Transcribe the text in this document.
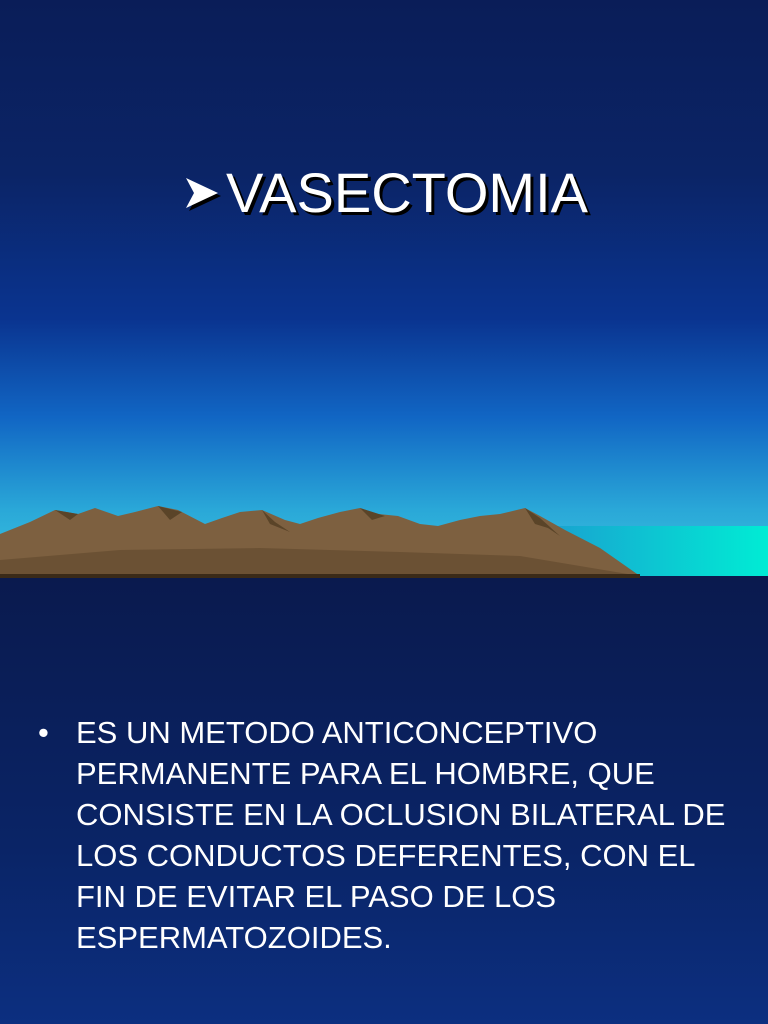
VASECTOMIA
• ES UN METODO ANTICONCEPTIVO PERMANENTE PARA EL HOMBRE, QUE CONSISTE EN LA OCLUSION BILATERAL DE LOS CONDUCTOS DEFERENTES, CON EL FIN DE EVITAR EL PASO DE LOS ESPERMATOZOIDES.
